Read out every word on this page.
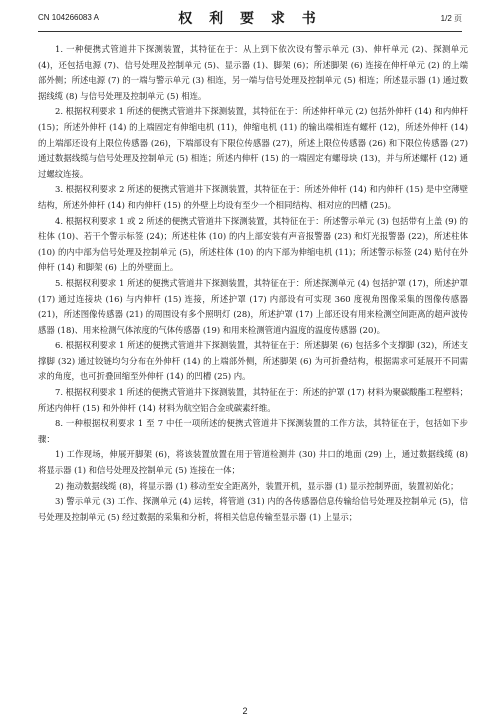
CN 104266083 A	权 利 要 求 书	1/2 页

1. 一种便携式管道井下探测装置，其特征在于：从上到下依次设有警示单元 (3)、伸杆单元 (2)、探测单元 (4)，还包括电源 (7)、信号处理及控制单元 (5)、显示器 (1)、脚架 (6)；所述脚架 (6) 连接在伸杆单元 (2) 的上端部外侧；所述电源 (7) 的一端与警示单元 (3) 相连，另一端与信号处理及控制单元 (5) 相连；所述显示器 (1) 通过数据线缆 (8) 与信号处理及控制单元 (5) 相连。

2. 根据权利要求 1 所述的便携式管道井下探测装置，其特征在于：所述伸杆单元 (2) 包括外伸杆 (14) 和内伸杆 (15)；所述外伸杆 (14) 的上端固定有伸缩电机 (11)，伸缩电机 (11) 的输出端相连有螺杆 (12)，所述外伸杆 (14) 的上端部还设有上限位传感器 (26)，下端部设有下限位传感器 (27)，所述上限位传感器 (26) 和下限位传感器 (27) 通过数据线缆与信号处理及控制单元 (5) 相连；所述内伸杆 (15) 的一端固定有螺母块 (13)，并与所述螺杆 (12) 通过螺纹连接。

3. 根据权利要求 2 所述的便携式管道井下探测装置，其特征在于：所述外伸杆 (14) 和内伸杆 (15) 是中空薄壁结构，所述外伸杆 (14) 和内伸杆 (15) 的外壁上均设有至少一个相同结构、相对应的凹槽 (25)。

4. 根据权利要求 1 或 2 所述的便携式管道井下探测装置，其特征在于：所述警示单元 (3) 包括带有上盖 (9) 的柱体 (10)、若干个警示标签 (24)；所述柱体 (10) 的内上部安装有声音报警器 (23) 和灯光报警器 (22)，所述柱体 (10) 的内中部为信号处理及控制单元 (5)，所述柱体 (10) 的内下部为伸缩电机 (11)；所述警示标签 (24) 贴付在外伸杆 (14) 和脚架 (6) 上的外壁面上。

5. 根据权利要求 1 所述的便携式管道井下探测装置，其特征在于：所述探测单元 (4) 包括护罩 (17)，所述护罩 (17) 通过连接块 (16) 与内伸杆 (15) 连接，所述护罩 (17) 内部设有可实现 360 度视角图像采集的图像传感器 (21)，所述图像传感器 (21) 的周围设有多个照明灯 (28)，所述护罩 (17) 上部还设有用来检测空间距离的超声波传感器 (18)、用来检测气体浓度的气体传感器 (19) 和用来检测管道内温度的温度传感器 (20)。

6. 根据权利要求 1 所述的便携式管道井下探测装置，其特征在于：所述脚架 (6) 包括多个支撑脚 (32)，所述支撑脚 (32) 通过铰链均匀分布在外伸杆 (14) 的上端部外侧，所述脚架 (6) 为可折叠结构，根据需求可延展开不同需求的角度，也可折叠回缩至外伸杆 (14) 的凹槽 (25) 内。

7. 根据权利要求 1 所述的便携式管道井下探测装置，其特征在于：所述的护罩 (17) 材料为聚碳酸酯工程塑料；所述内伸杆 (15) 和外伸杆 (14) 材料为航空铝合金或碳素纤维。

8. 一种根据权利要求 1 至 7 中任一项所述的便携式管道井下探测装置的工作方法，其特征在于，包括如下步骤：

1) 工作现场，伸展开脚架 (6)，将该装置放置在用于管道检测井 (30) 井口的地面 (29) 上，通过数据线缆 (8) 将显示器 (1) 和信号处理及控制单元 (5) 连接在一体；

2) 拖动数据线缆 (8)，将显示器 (1) 移动至安全距离外，装置开机，显示器 (1) 显示控制界面，装置初始化；

3) 警示单元 (3) 工作、探测单元 (4) 运转，将管道 (31) 内的各传感器信息传输给信号处理及控制单元 (5)，信号处理及控制单元 (5) 经过数据的采集和分析，将相关信息传输至显示器 (1) 上显示；

2
